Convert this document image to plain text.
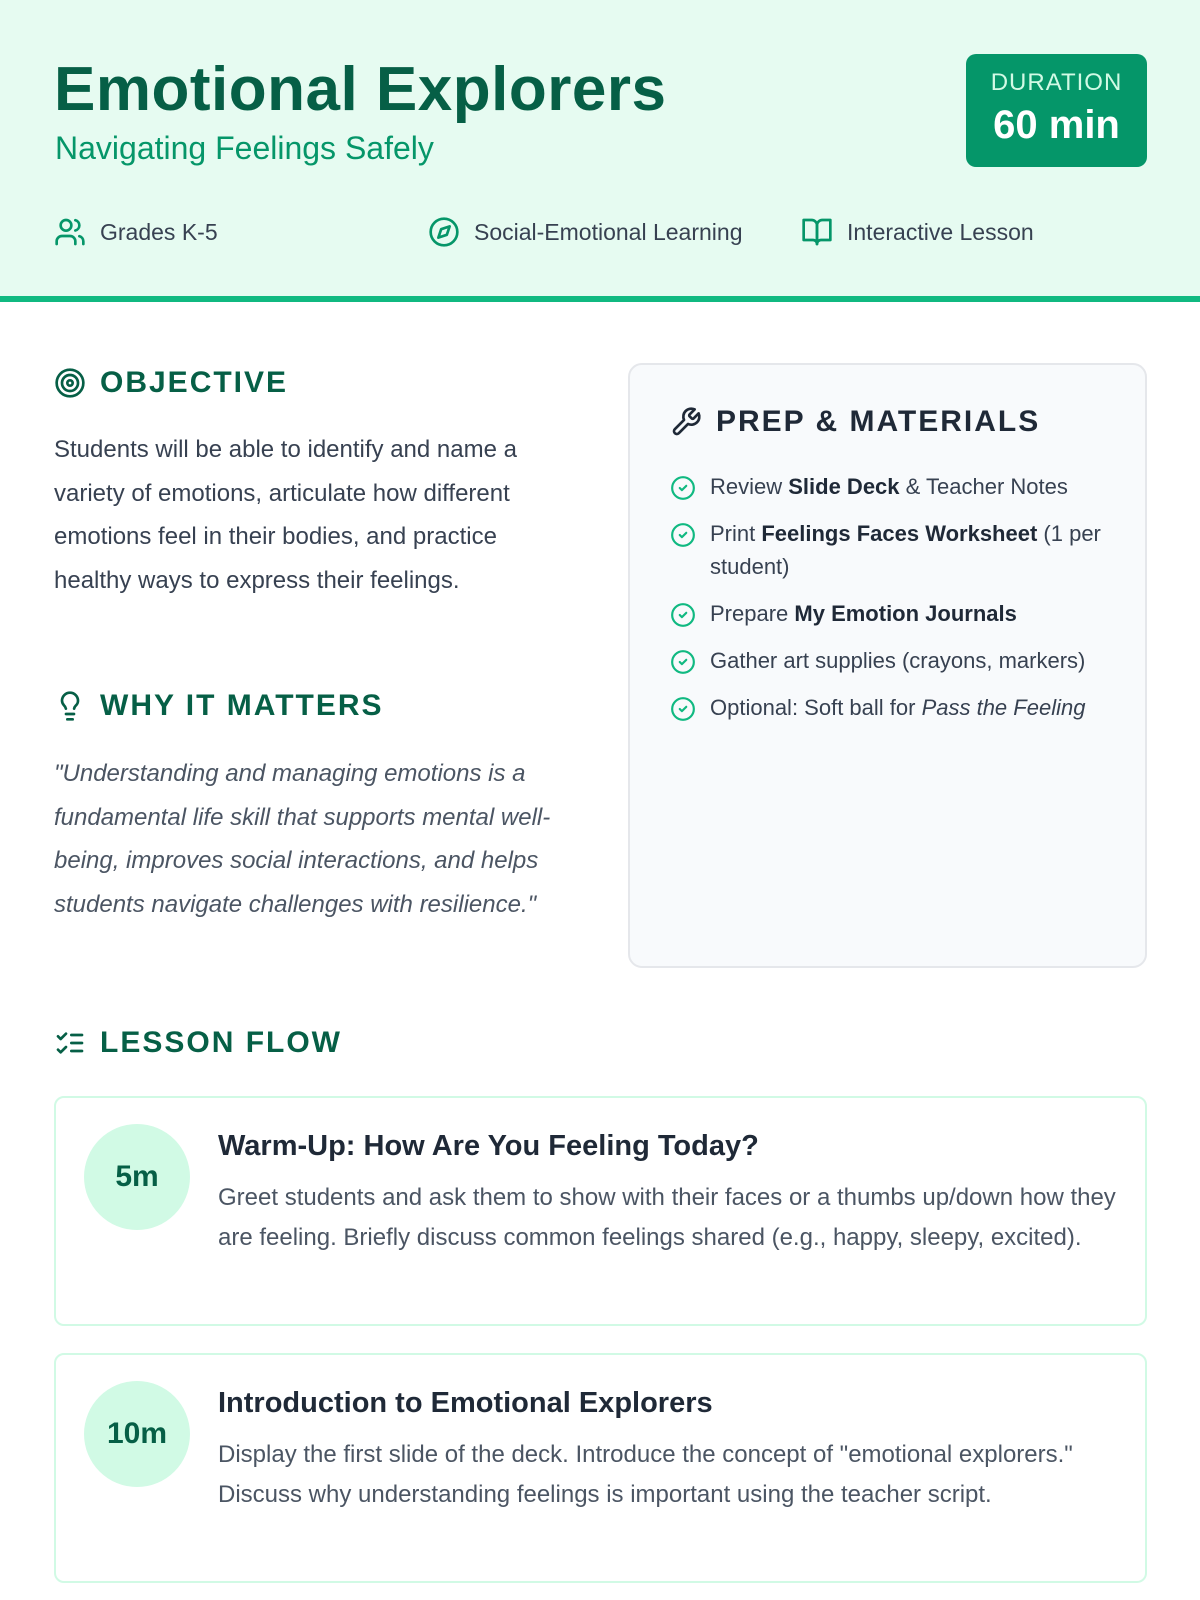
Emotional Explorers
Navigating Feelings Safely
DURATION
60 min
Grades K-5	Social-Emotional Learning	Interactive Lesson
OBJECTIVE

Students will be able to identify and name a variety of emotions, articulate how different emotions feel in their bodies, and practice healthy ways to express their feelings.

WHY IT MATTERS

"Understanding and managing emotions is a fundamental life skill that supports mental well-being, improves social interactions, and helps students navigate challenges with resilience."

PREP & MATERIALS
Review Slide Deck & Teacher Notes
Print Feelings Faces Worksheet (1 per student)
Prepare My Emotion Journals
Gather art supplies (crayons, markers)
Optional: Soft ball for Pass the Feeling
LESSON FLOW
5m
Warm-Up: How Are You Feeling Today?

Greet students and ask them to show with their faces or a thumbs up/down how they are feeling. Briefly discuss common feelings shared (e.g., happy, sleepy, excited).

10m
Introduction to Emotional Explorers

Display the first slide of the deck. Introduce the concept of "emotional explorers." Discuss why understanding feelings is important using the teacher script.
